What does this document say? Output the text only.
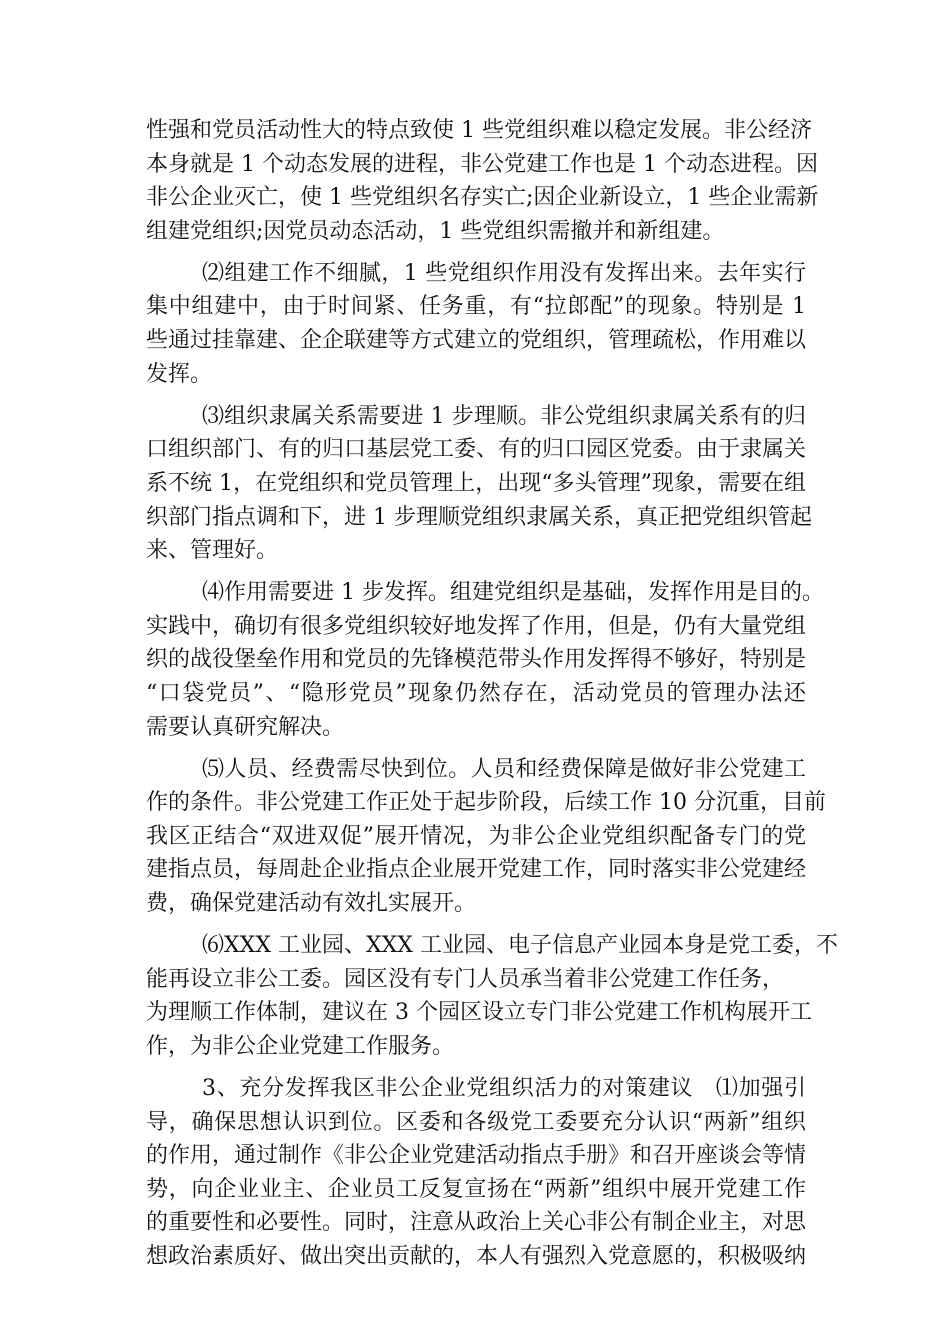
性强和党员活动性大的特点致使 1 些党组织难以稳定发展。非公经济
本身就是 1 个动态发展的进程，非公党建工作也是 1 个动态进程。因
非公企业灭亡，使 1 些党组织名存实亡;因企业新设立，1 些企业需新
组建党组织;因党员动态活动，1 些党组织需撤并和新组建。
⑵组建工作不细腻，1 些党组织作用没有发挥出来。去年实行
集中组建中，由于时间紧、任务重，有“拉郎配”的现象。特别是 1
些通过挂靠建、企企联建等方式建立的党组织，管理疏松，作用难以
发挥。
⑶组织隶属关系需要进 1 步理顺。非公党组织隶属关系有的归
口组织部门、有的归口基层党工委、有的归口园区党委。由于隶属关
系不统 1，在党组织和党员管理上，出现“多头管理”现象，需要在组
织部门指点调和下，进 1 步理顺党组织隶属关系，真正把党组织管起
来、管理好。
⑷作用需要进 1 步发挥。组建党组织是基础，发挥作用是目的。
实践中，确切有很多党组织较好地发挥了作用，但是，仍有大量党组
织的战役堡垒作用和党员的先锋模范带头作用发挥得不够好，特别是
“口袋党员”、“隐形党员”现象仍然存在，活动党员的管理办法还
需要认真研究解决。
⑸人员、经费需尽快到位。人员和经费保障是做好非公党建工
作的条件。非公党建工作正处于起步阶段，后续工作 10 分沉重，目前
我区正结合“双进双促”展开情况，为非公企业党组织配备专门的党
建指点员，每周赴企业指点企业展开党建工作，同时落实非公党建经
费，确保党建活动有效扎实展开。
⑹XXX 工业园、XXX 工业园、电子信息产业园本身是党工委，不
能再设立非公工委。园区没有专门人员承当着非公党建工作任务，
为理顺工作体制，建议在 3 个园区设立专门非公党建工作机构展开工
作，为非公企业党建工作服务。
3、充分发挥我区非公企业党组织活力的对策建议　⑴加强引
导，确保思想认识到位。区委和各级党工委要充分认识“两新”组织
的作用，通过制作《非公企业党建活动指点手册》和召开座谈会等情
势，向企业业主、企业员工反复宣扬在“两新”组织中展开党建工作
的重要性和必要性。同时，注意从政治上关心非公有制企业主，对思
想政治素质好、做出突出贡献的，本人有强烈入党意愿的，积极吸纳
